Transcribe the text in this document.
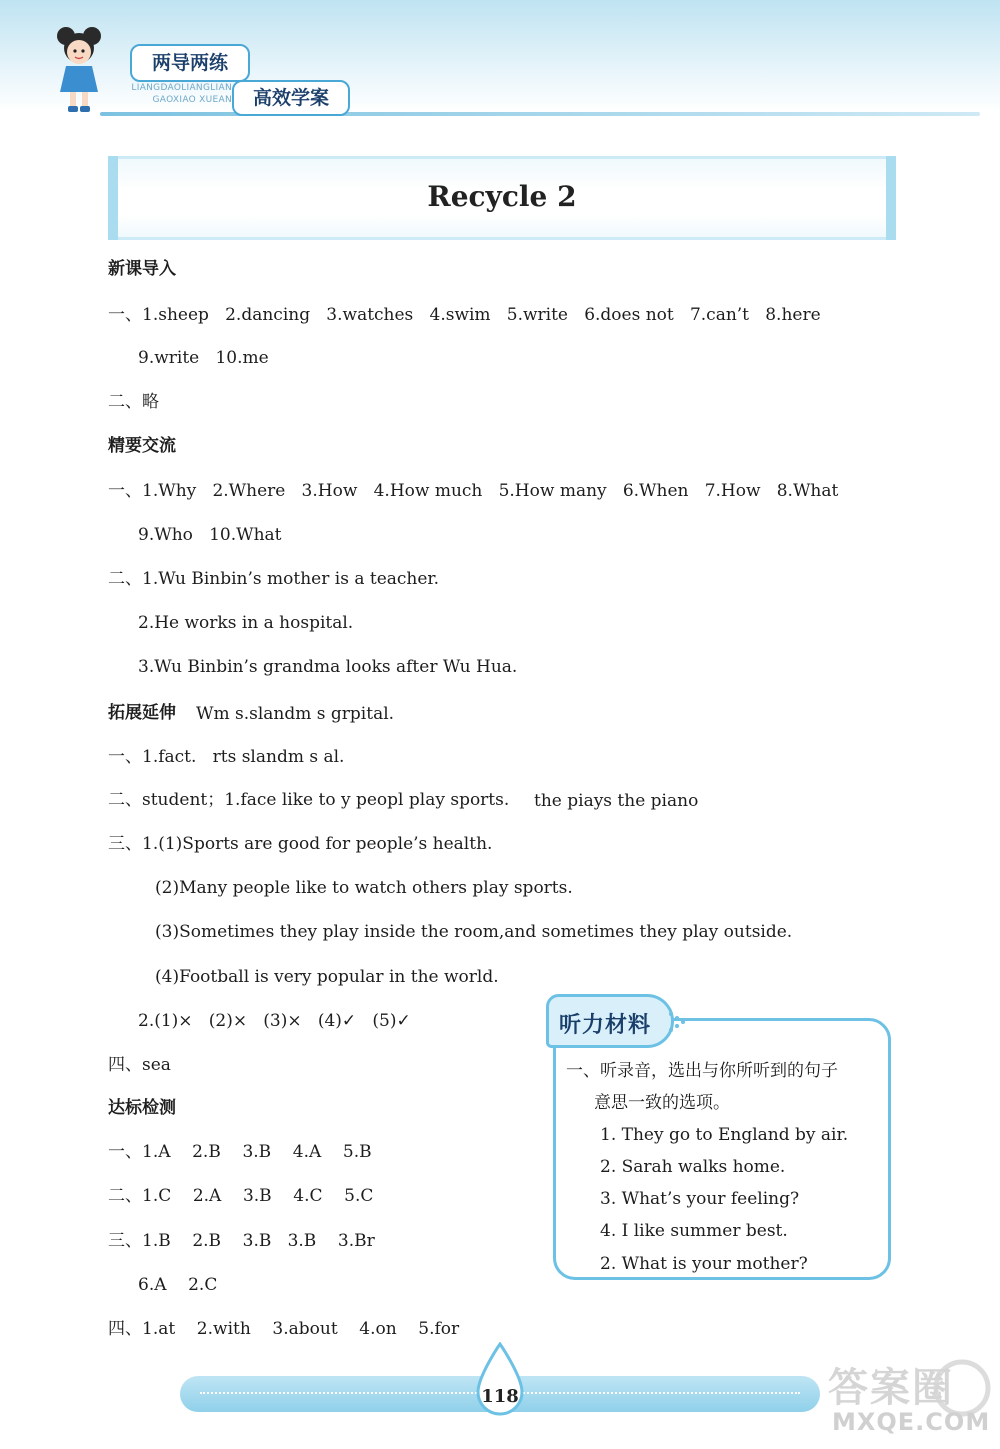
两导两练
LIANGDAOLIANGLIAN
GAOXIAO XUEAN	高效学案
Recycle 2
新课导入
一、1.sheep   2.dancing   3.watches   4.swim   5.write   6.does not   7.can’t   8.here
9.write   10.me
二、略
精要交流
一、1.Why   2.Where   3.How   4.How much   5.How many   6.When   7.How   8.What
9.Who   10.What
二、1.Wu Binbin’s mother is a teacher.
2.He works in a hospital.
3.Wu Binbin’s grandma looks after Wu Hua.
拓展延伸 Wm s.slandm s grpital.
一、1.fact.   rts slandm s al.
二、student；1.face like to y peopl play sports. the piays the piano
三、1.(1)Sports are good for people’s health.
(2)Many people like to watch others play sports.
(3)Sometimes they play inside the room,and sometimes they play outside.
(4)Football is very popular in the world.
2.(1)×   (2)×   (3)×   (4)✓   (5)✓
四、sea
达标检测
一、1.A    2.B    3.B    4.A    5.B
二、1.C    2.A    3.B    4.C    5.C
三、1.B    2.B    3.B   3.B    3.Br
6.A    2.C
四、1.at    2.with    3.about    4.on    5.for
听力材料
一、听录音，选出与你所听到的句子
意思一致的选项。
1. They go to England by air.
2. Sarah walks home.
3. What’s your feeling?
4. I like summer best.
2. What is your mother?
118	答案圈
MXQE.COM
